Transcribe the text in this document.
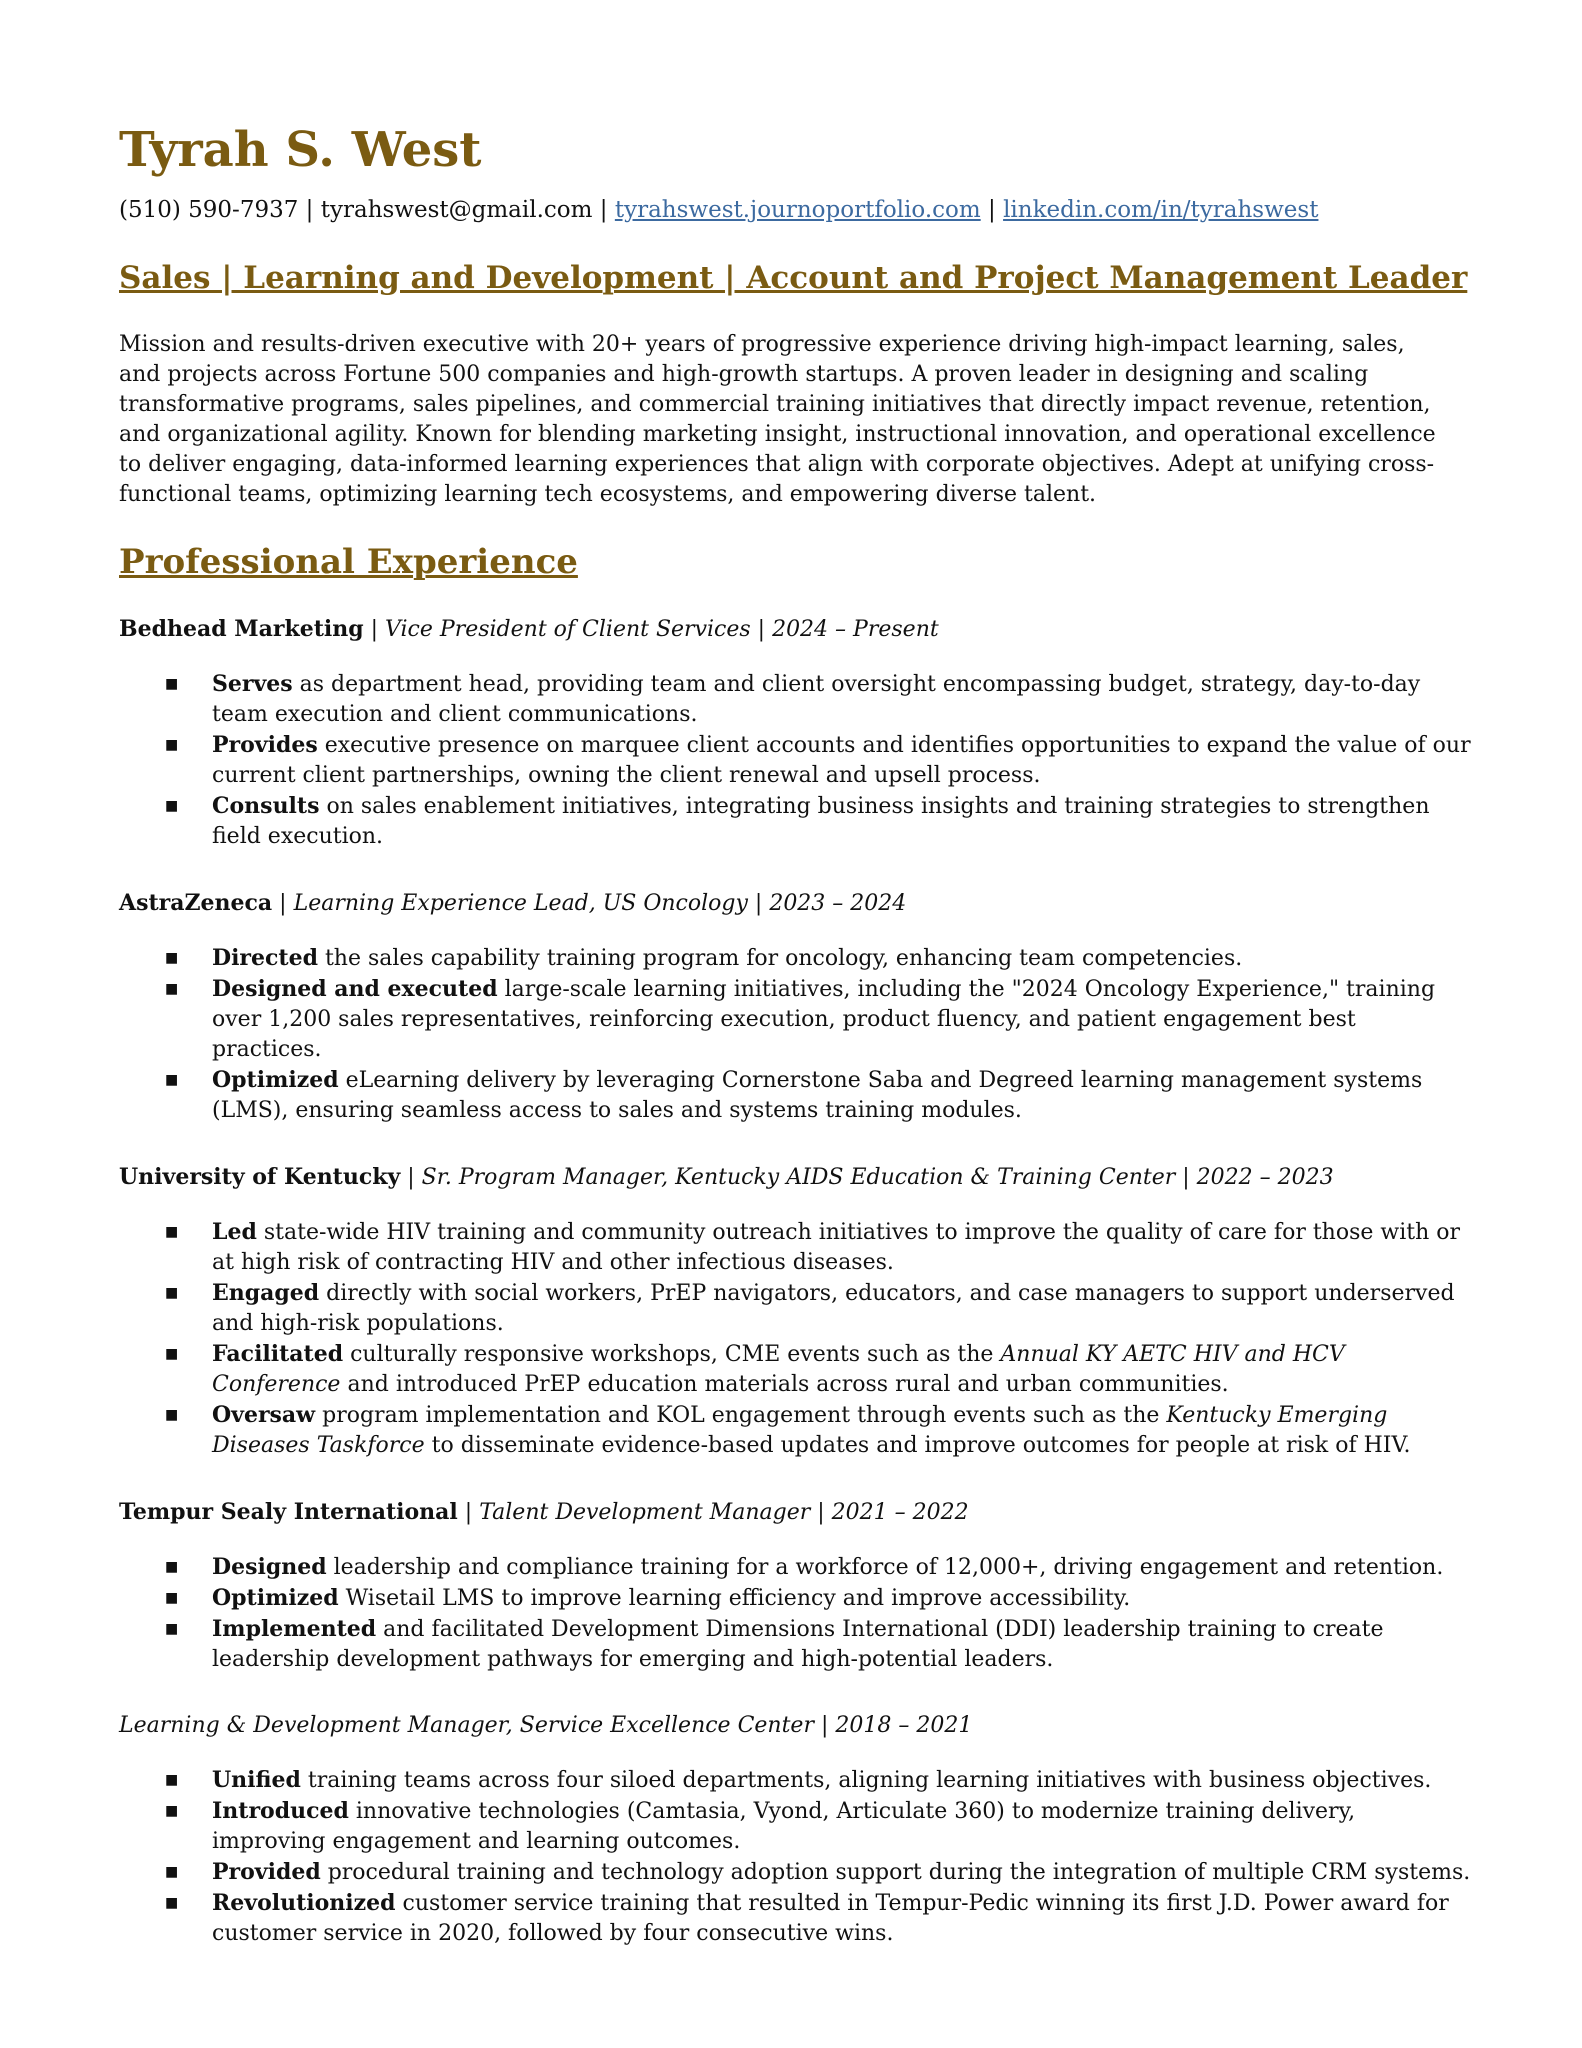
Tyrah S. West
(510) 590-7937 | tyrahswest@gmail.com | tyrahswest.journoportfolio.com | linkedin.com/in/tyrahswest
Sales | Learning and Development | Account and Project Management Leader
Mission and results-driven executive with 20+ years of progressive experience driving high-impact learning, sales, and projects across Fortune 500 companies and high-growth startups. A proven leader in designing and scaling transformative programs, sales pipelines, and commercial training initiatives that directly impact revenue, retention, and organizational agility. Known for blending marketing insight, instructional innovation, and operational excellence to deliver engaging, data-informed learning experiences that align with corporate objectives. Adept at unifying cross-functional teams, optimizing learning tech ecosystems, and empowering diverse talent.
Professional Experience
Bedhead Marketing | Vice President of Client Services | 2024 – Present
■ Serves as department head, providing team and client oversight encompassing budget, strategy, day-to-day team execution and client communications.
■ Provides executive presence on marquee client accounts and identifies opportunities to expand the value of our current client partnerships, owning the client renewal and upsell process.
■ Consults on sales enablement initiatives, integrating business insights and training strategies to strengthen field execution.
AstraZeneca | Learning Experience Lead, US Oncology | 2023 – 2024
■ Directed the sales capability training program for oncology, enhancing team competencies.
■ Designed and executed large-scale learning initiatives, including the "2024 Oncology Experience," training over 1,200 sales representatives, reinforcing execution, product fluency, and patient engagement best practices.
■ Optimized eLearning delivery by leveraging Cornerstone Saba and Degreed learning management systems (LMS), ensuring seamless access to sales and systems training modules.
University of Kentucky | Sr. Program Manager, Kentucky AIDS Education & Training Center | 2022 – 2023
■ Led state-wide HIV training and community outreach initiatives to improve the quality of care for those with or at high risk of contracting HIV and other infectious diseases.
■ Engaged directly with social workers, PrEP navigators, educators, and case managers to support underserved and high-risk populations.
■ Facilitated culturally responsive workshops, CME events such as the Annual KY AETC HIV and HCV Conference and introduced PrEP education materials across rural and urban communities.
■ Oversaw program implementation and KOL engagement through events such as the Kentucky Emerging Diseases Taskforce to disseminate evidence-based updates and improve outcomes for people at risk of HIV.
Tempur Sealy International | Talent Development Manager | 2021 – 2022
■ Designed leadership and compliance training for a workforce of 12,000+, driving engagement and retention.
■ Optimized Wisetail LMS to improve learning efficiency and improve accessibility.
■ Implemented and facilitated Development Dimensions International (DDI) leadership training to create leadership development pathways for emerging and high-potential leaders.
Learning & Development Manager, Service Excellence Center | 2018 – 2021
■ Unified training teams across four siloed departments, aligning learning initiatives with business objectives.
■ Introduced innovative technologies (Camtasia, Vyond, Articulate 360) to modernize training delivery, improving engagement and learning outcomes.
■ Provided procedural training and technology adoption support during the integration of multiple CRM systems.
■ Revolutionized customer service training that resulted in Tempur-Pedic winning its first J.D. Power award for customer service in 2020, followed by four consecutive wins.
